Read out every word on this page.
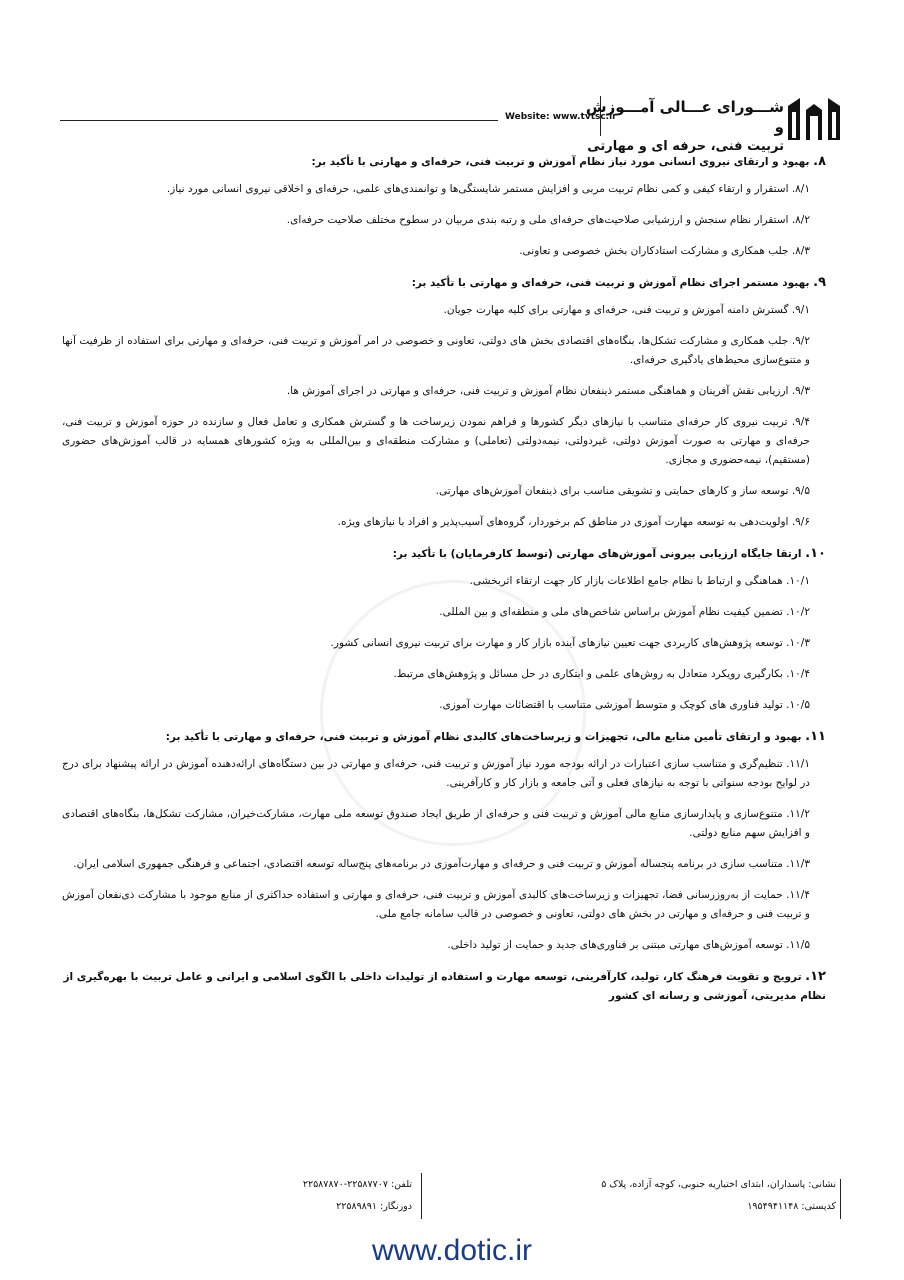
Website: www.tvtsc.ir
شـــورای عـــالی آمـــوزش و
تربیت فنی، حرفه ای و مهارتی

۸. بهبود و ارتقای نیروی انسانی مورد نیاز نظام آموزش و تربیت فنی، حرفه‌ای و مهارتی با تأکید بر:

۸/۱. استقرار و ارتقاء کیفی و کمی نظام تربیت مربی و افزایش مستمر شایستگی‌ها و توانمندی‌های علمی، حرفه‌ای و اخلاقی نیروی انسانی مورد نیاز.

۸/۲. استقرار نظام سنجش و ارزشیابی صلاحیت‌های حرفه‌ای ملی و رتبه بندی مربیان در سطوح مختلف صلاحیت حرفه‌ای.

۸/۳. جلب همکاری و مشارکت استادکاران بخش خصوصی و تعاونی.

۹. بهبود مستمر اجرای نظام آموزش و تربیت فنی، حرفه‌ای و مهارتی با تأکید بر:

۹/۱. گسترش دامنه آموزش و تربیت فنی، حرفه‌ای و مهارتی برای کلیه مهارت جویان.

۹/۲. جلب همکاری و مشارکت تشکل‌ها، بنگاه‌های اقتصادی بخش های دولتی، تعاونی و خصوصی در امر آموزش و تربیت فنی، حرفه‌ای و مهارتی برای استفاده از ظرفیت آنها و متنوع‌سازی محیط‌های یادگیری حرفه‌ای.

۹/۳. ارزیابی نقش آفرینان و هماهنگی مستمر ذینفعان نظام آموزش و تربیت فنی، حرفه‌ای و مهارتی در اجرای آموزش ها.

۹/۴. تربیت نیروی کار حرفه‌ای متناسب با نیازهای دیگر کشورها و فراهم نمودن زیرساخت ها و گسترش همکاری و تعامل فعال و سازنده در حوزه آموزش و تربیت فنی، حرفه‌ای و مهارتی به صورت آموزش دولتی، غیردولتی، نیمه‌دولتی (تعاملی) و مشارکت منطقه‌ای و بین‌المللی به ویژه کشورهای همسایه در قالب آموزش‌های حضوری (مستقیم)، نیمه‌حضوری و مجازی.

۹/۵. توسعه ساز و کارهای حمایتی و تشویقی مناسب برای ذینفعان آموزش‌های مهارتی.

۹/۶. اولویت‌دهی به توسعه مهارت آموزی در مناطق کم برخوردار، گروه‌های آسیب‌پذیر و افراد با نیازهای ویژه.

۱۰. ارتقا جایگاه ارزیابی بیرونی آموزش‌های مهارتی (توسط کارفرمایان) با تأکید بر:

۱۰/۱. هماهنگی و ارتباط با نظام جامع اطلاعات بازار کار جهت ارتقاء اثربخشی.

۱۰/۲. تضمین کیفیت نظام آموزش براساس شاخص‌های ملی و منطقه‌ای و بین المللی.

۱۰/۳. توسعه پژوهش‌های کاربردی جهت تعیین نیازهای آینده بازار کار و مهارت برای تربیت نیروی انسانی کشور.

۱۰/۴. بکارگیری رویکرد متعادل به روش‌های علمی و ابتکاری در حل مسائل و پژوهش‌های مرتبط.

۱۰/۵. تولید فناوری های کوچک و متوسط آموزشی متناسب با اقتضائات مهارت آموزی.

۱۱. بهبود و ارتقای تأمین منابع مالی، تجهیزات و زیرساخت‌های کالبدی نظام آموزش و تربیت فنی، حرفه‌ای و مهارتی با تأکید بر:

۱۱/۱. تنظیم‌گری و متناسب سازی اعتبارات در ارائه بودجه مورد نیاز آموزش و تربیت فنی، حرفه‌ای و مهارتی در بین دستگاه‌های ارائه‌دهنده آموزش در ارائه پیشنهاد برای درج در لوایح بودجه سنواتی با توجه به نیازهای فعلی و آتی جامعه و بازار کار و کارآفرینی.

۱۱/۲. متنوع‌سازی و پایدارسازی منابع مالی آموزش و تربیت فنی و حرفه‌ای از طریق ایجاد صندوق توسعه ملی مهارت، مشارکت‌خیران، مشارکت تشکل‌ها، بنگاه‌های اقتصادی و افزایش سهم منابع دولتی.

۱۱/۳. متناسب سازی در برنامه پنجساله آموزش و تربیت فنی و حرفه‌ای و مهارت‌آموزی در برنامه‌های پنج‌ساله توسعه اقتصادی، اجتماعی و فرهنگی جمهوری اسلامی ایران.

۱۱/۴. حمایت از به‌روزرسانی فضا، تجهیزات و زیرساخت‌های کالبدی آموزش و تربیت فنی، حرفه‌ای و مهارتی و استفاده حداکثری از منابع موجود با مشارکت ذی‌نفعان آموزش و تربیت فنی و حرفه‌ای و مهارتی در بخش های دولتی، تعاونی و خصوصی در قالب سامانه جامع ملی.

۱۱/۵. توسعه آموزش‌های مهارتی مبتنی بر فناوری‌های جدید و حمایت از تولید داخلی.

۱۲. ترویج و تقویت فرهنگ کار، تولید، کارآفرینی، توسعه مهارت و استفاده از تولیدات داخلی با الگوی اسلامی و ایرانی و عامل تربیت با بهره‌گیری از نظام مدیریتی، آموزشی و رسانه ای کشور

نشانی: پاسداران، ابتدای اختیاریه جنوبی، کوچه آزاده، پلاک ۵
کدپستی: ۱۹۵۴۹۴۱۱۴۸
تلفن: ۲۲۵۸۷۷۰۷-۲۲۵۸۷۸۷۰
دورنگار: ۲۲۵۸۹۸۹۱
www.dotic.ir
